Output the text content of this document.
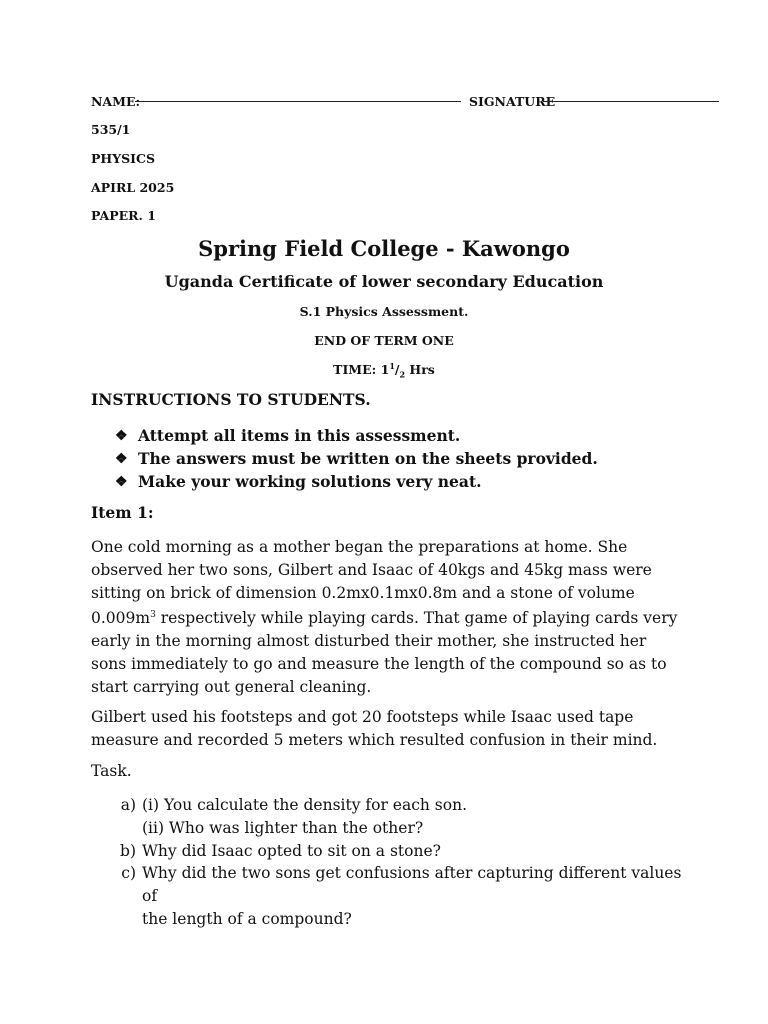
NAME:	SIGNATURE
535/1
PHYSICS
APIRL 2025
PAPER. 1
Spring Field College - Kawongo
Uganda Certificate of lower secondary Education
S.1 Physics Assessment.
END OF TERM ONE
TIME: $1^1/_2$ Hrs
INSTRUCTIONS TO STUDENTS.
❖ Attempt all items in this assessment.
❖ The answers must be written on the sheets provided.
❖ Make your working solutions very neat.
Item 1:
One cold morning as a mother began the preparations at home. She observed her two sons, Gilbert and Isaac of 40kgs and 45kg mass were sitting on brick of dimension 0.2mx0.1mx0.8m and a stone of volume $0.009m^3$ respectively while playing cards. That game of playing cards very early in the morning almost disturbed their mother, she instructed her sons immediately to go and measure the length of the compound so as to start carrying out general cleaning.
Gilbert used his footsteps and got 20 footsteps while Isaac used tape measure and recorded 5 meters which resulted confusion in their mind.
Task.
a) (i) You calculate the density for each son.
(ii) Who was lighter than the other?
b) Why did Isaac opted to sit on a stone?
c) Why did the two sons get confusions after capturing different values of
the length of a compound?
